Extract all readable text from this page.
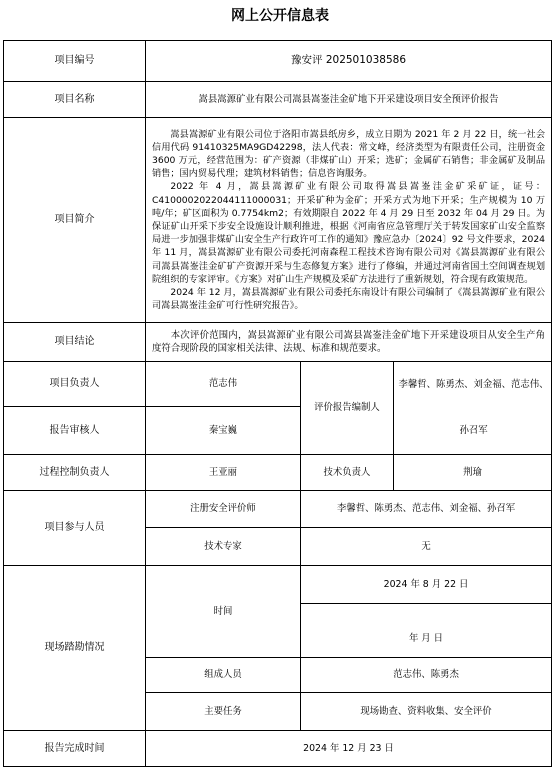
网上公开信息表
项目编号	豫安评 202501038586		
项目名称	嵩县嵩源矿业有限公司嵩县嵩崟洼金矿地下开采建设项目安全预评价报告		
项目简介	嵩县嵩源矿业有限公司位于洛阳市嵩县纸房乡，成立日期为 2021 年 2 月 22 日，统一社会信用代码 91410325MA9GD42298，法人代表：常文峰，经济类型为有限责任公司，注册资金 3600 万元，经营范围为：矿产资源（非煤矿山）开采；选矿；金属矿石销售；非金属矿及制品销售；国内贸易代理；建筑材料销售；信息咨询服务。

2022 年 4 月，嵩县嵩源矿业有限公司取得嵩县嵩崟洼金矿采矿证，证号：C4100002022044111000031；开采矿种为金矿；开采方式为地下开采；生产规模为 10 万吨/年；矿区面积为 0.7754km2；有效期限自 2022 年 4 月 29 日至 2032 年 04 月 29 日。为保证矿山开采下步安全设施设计顺利推进，根据《河南省应急管理厅关于转发国家矿山安全监察局进一步加强非煤矿山安全生产行政许可工作的通知》豫应急办〔2024〕92 号文件要求，2024 年 11 月，嵩县嵩源矿业有限公司委托河南森程工程技术咨询有限公司对《嵩县嵩源矿业有限公司嵩县嵩崟洼金矿矿产资源开采与生态修复方案》进行了修编，并通过河南省国土空间调查规划院组织的专家评审。《方案》对矿山生产规模及采矿方法进行了重新规划，符合现有政策规范。

2024 年 12 月，嵩县嵩源矿业有限公司委托东南设计有限公司编制了《嵩县嵩源矿业有限公司嵩县嵩崟洼金矿可行性研究报告》。		

项目结论	本次评价范围内，嵩县嵩源矿业有限公司嵩县嵩崟洼金矿地下开采建设项目从安全生产角度符合现阶段的国家相关法律、法规、标准和规范要求。		

项目负责人	范志伟	评价报告编制人	李馨哲、陈勇杰、刘金福、范志伟、孙召军

报告审核人	秦宝巍		
过程控制负责人	王亚丽	技术负责人	荆瑜
项目参与人员	注册安全评价师	李馨哲、陈勇杰、范志伟、刘金福、孙召军	
	技术专家	无	
现场踏勘情况	时间	2024 年 8 月 22 日	

		年 月 日	
	组成人员	范志伟、陈勇杰	
	主要任务	现场勘查、资料收集、安全评价	
报告完成时间	2024 年 12 月 23 日		
